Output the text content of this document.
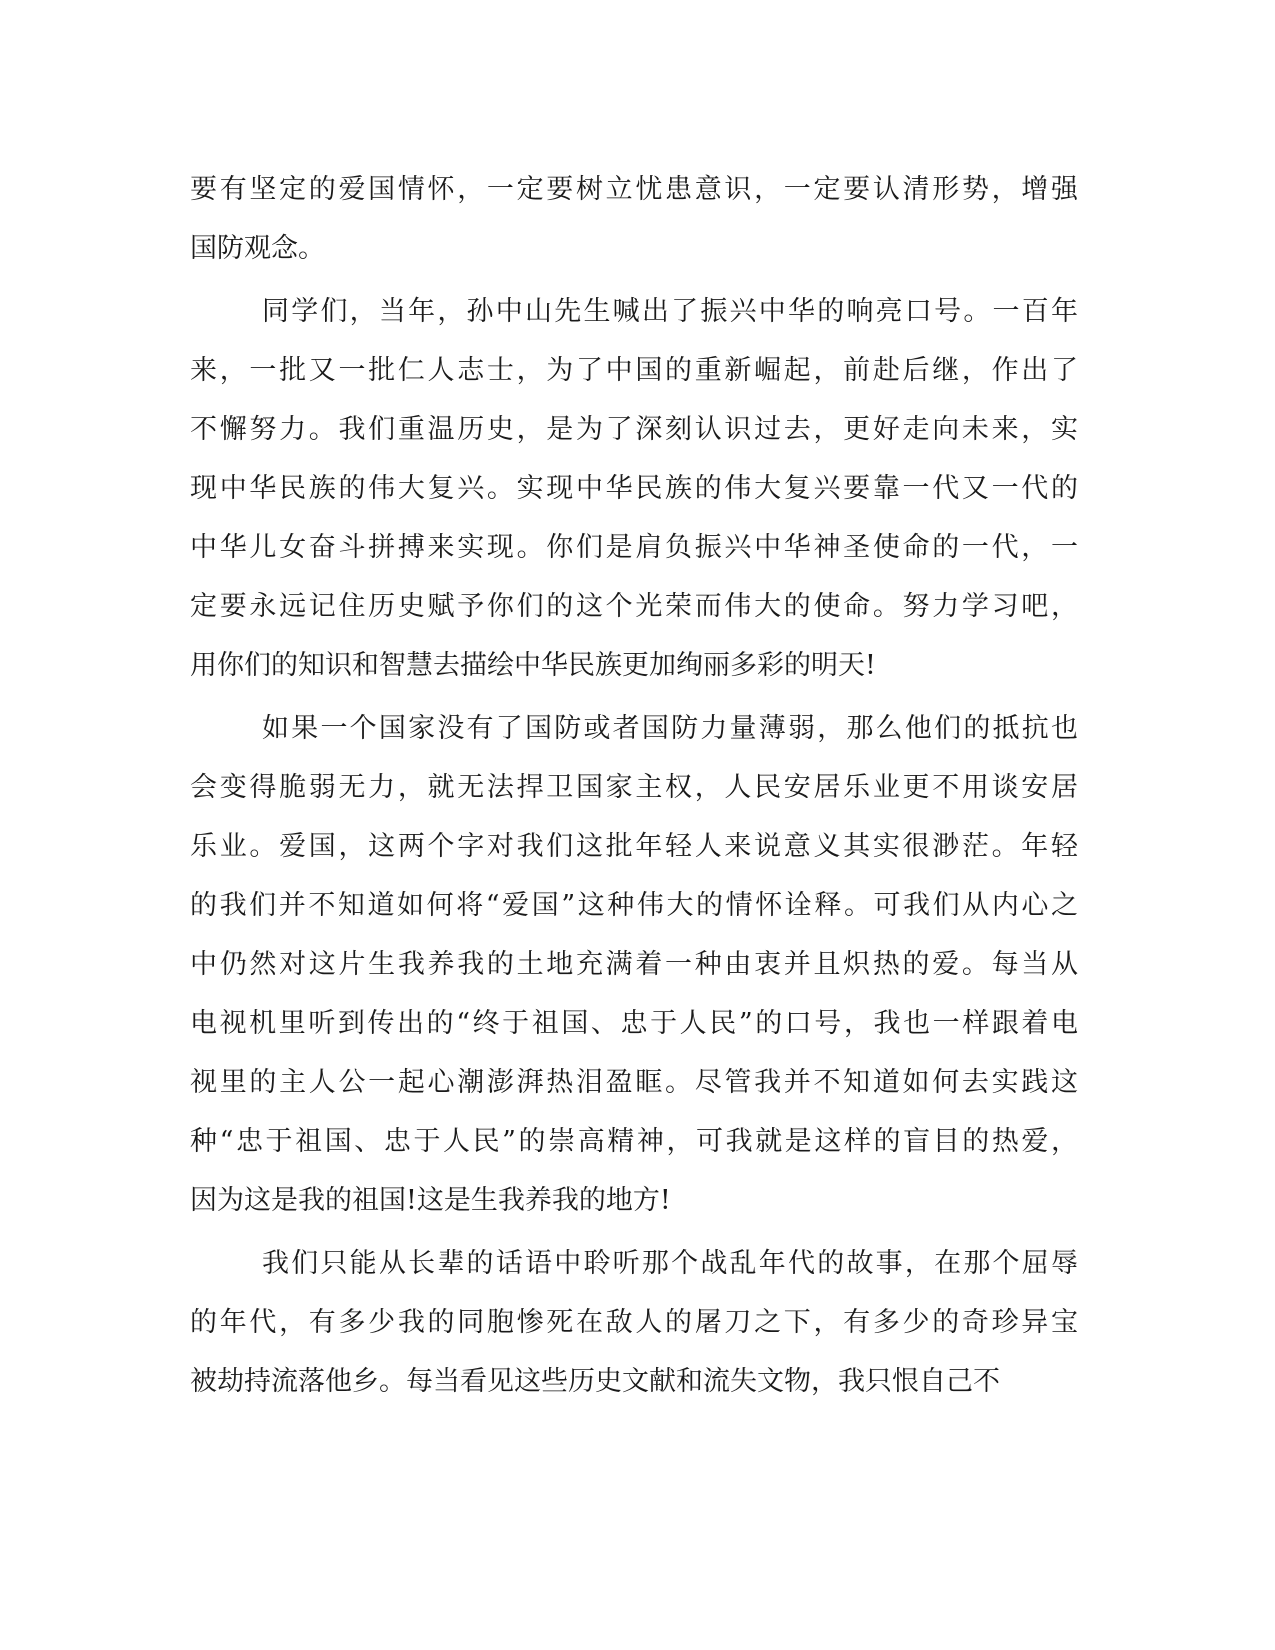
要有坚定的爱国情怀，一定要树立忧患意识，一定要认清形势，增强
国防观念。
同学们，当年，孙中山先生喊出了振兴中华的响亮口号。一百年
来，一批又一批仁人志士，为了中国的重新崛起，前赴后继，作出了
不懈努力。我们重温历史，是为了深刻认识过去，更好走向未来，实
现中华民族的伟大复兴。实现中华民族的伟大复兴要靠一代又一代的
中华儿女奋斗拼搏来实现。你们是肩负振兴中华神圣使命的一代，一
定要永远记住历史赋予你们的这个光荣而伟大的使命。努力学习吧，
用你们的知识和智慧去描绘中华民族更加绚丽多彩的明天!
如果一个国家没有了国防或者国防力量薄弱，那么他们的抵抗也
会变得脆弱无力，就无法捍卫国家主权，人民安居乐业更不用谈安居
乐业。爱国，这两个字对我们这批年轻人来说意义其实很渺茫。年轻
的我们并不知道如何将“爱国”这种伟大的情怀诠释。可我们从内心之
中仍然对这片生我养我的土地充满着一种由衷并且炽热的爱。每当从
电视机里听到传出的“终于祖国、忠于人民”的口号，我也一样跟着电
视里的主人公一起心潮澎湃热泪盈眶。尽管我并不知道如何去实践这
种“忠于祖国、忠于人民”的崇高精神，可我就是这样的盲目的热爱，
因为这是我的祖国!这是生我养我的地方!
我们只能从长辈的话语中聆听那个战乱年代的故事，在那个屈辱
的年代，有多少我的同胞惨死在敌人的屠刀之下，有多少的奇珍异宝
被劫持流落他乡。每当看见这些历史文献和流失文物，我只恨自己不
